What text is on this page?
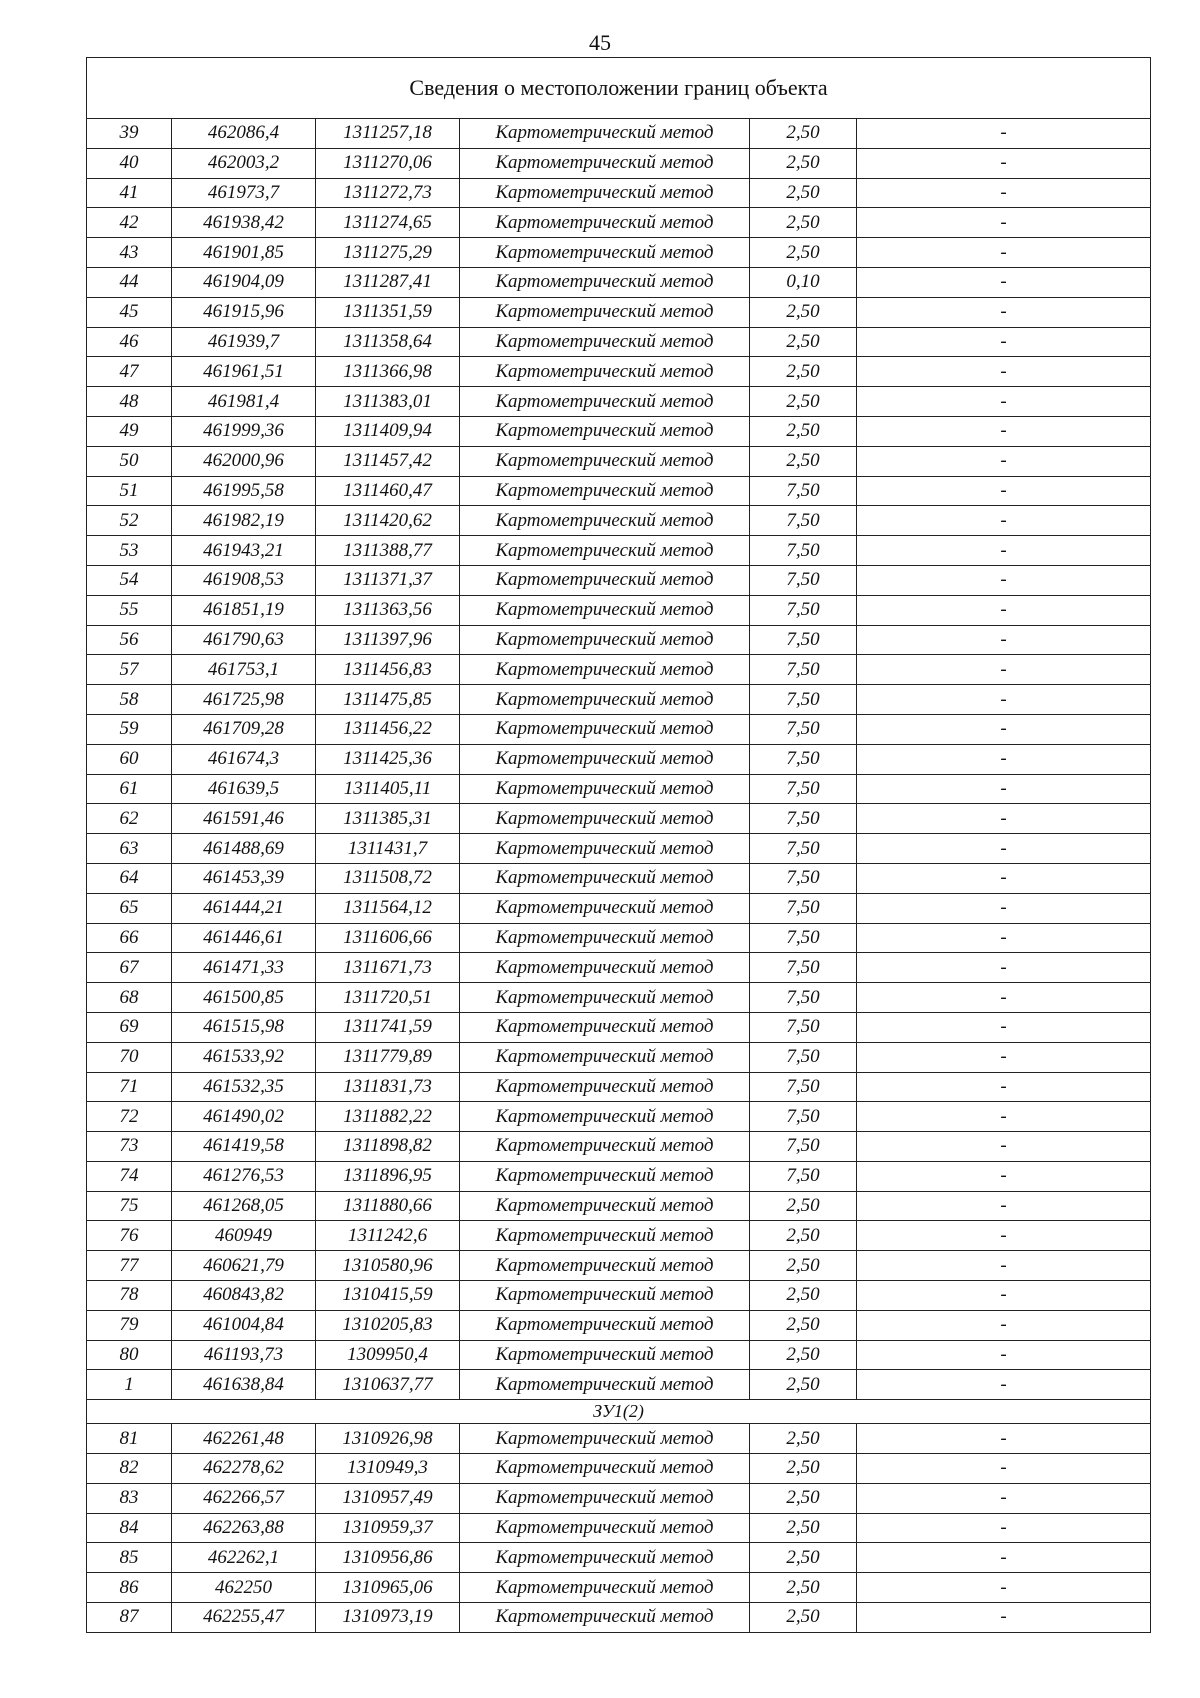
45
Сведения о местоположении границ объекта					
39	462086,4	1311257,18	Картометрический метод	2,50	-
40	462003,2	1311270,06	Картометрический метод	2,50	-
41	461973,7	1311272,73	Картометрический метод	2,50	-
42	461938,42	1311274,65	Картометрический метод	2,50	-
43	461901,85	1311275,29	Картометрический метод	2,50	-
44	461904,09	1311287,41	Картометрический метод	0,10	-
45	461915,96	1311351,59	Картометрический метод	2,50	-
46	461939,7	1311358,64	Картометрический метод	2,50	-
47	461961,51	1311366,98	Картометрический метод	2,50	-
48	461981,4	1311383,01	Картометрический метод	2,50	-
49	461999,36	1311409,94	Картометрический метод	2,50	-
50	462000,96	1311457,42	Картометрический метод	2,50	-
51	461995,58	1311460,47	Картометрический метод	7,50	-
52	461982,19	1311420,62	Картометрический метод	7,50	-
53	461943,21	1311388,77	Картометрический метод	7,50	-
54	461908,53	1311371,37	Картометрический метод	7,50	-
55	461851,19	1311363,56	Картометрический метод	7,50	-
56	461790,63	1311397,96	Картометрический метод	7,50	-
57	461753,1	1311456,83	Картометрический метод	7,50	-
58	461725,98	1311475,85	Картометрический метод	7,50	-
59	461709,28	1311456,22	Картометрический метод	7,50	-
60	461674,3	1311425,36	Картометрический метод	7,50	-
61	461639,5	1311405,11	Картометрический метод	7,50	-
62	461591,46	1311385,31	Картометрический метод	7,50	-
63	461488,69	1311431,7	Картометрический метод	7,50	-
64	461453,39	1311508,72	Картометрический метод	7,50	-
65	461444,21	1311564,12	Картометрический метод	7,50	-
66	461446,61	1311606,66	Картометрический метод	7,50	-
67	461471,33	1311671,73	Картометрический метод	7,50	-
68	461500,85	1311720,51	Картометрический метод	7,50	-
69	461515,98	1311741,59	Картометрический метод	7,50	-
70	461533,92	1311779,89	Картометрический метод	7,50	-
71	461532,35	1311831,73	Картометрический метод	7,50	-
72	461490,02	1311882,22	Картометрический метод	7,50	-
73	461419,58	1311898,82	Картометрический метод	7,50	-
74	461276,53	1311896,95	Картометрический метод	7,50	-
75	461268,05	1311880,66	Картометрический метод	2,50	-
76	460949	1311242,6	Картометрический метод	2,50	-
77	460621,79	1310580,96	Картометрический метод	2,50	-
78	460843,82	1310415,59	Картометрический метод	2,50	-
79	461004,84	1310205,83	Картометрический метод	2,50	-
80	461193,73	1309950,4	Картометрический метод	2,50	-
1	461638,84	1310637,77	Картометрический метод	2,50	-
ЗУ1(2)					
81	462261,48	1310926,98	Картометрический метод	2,50	-
82	462278,62	1310949,3	Картометрический метод	2,50	-
83	462266,57	1310957,49	Картометрический метод	2,50	-
84	462263,88	1310959,37	Картометрический метод	2,50	-
85	462262,1	1310956,86	Картометрический метод	2,50	-
86	462250	1310965,06	Картометрический метод	2,50	-
87	462255,47	1310973,19	Картометрический метод	2,50	-
